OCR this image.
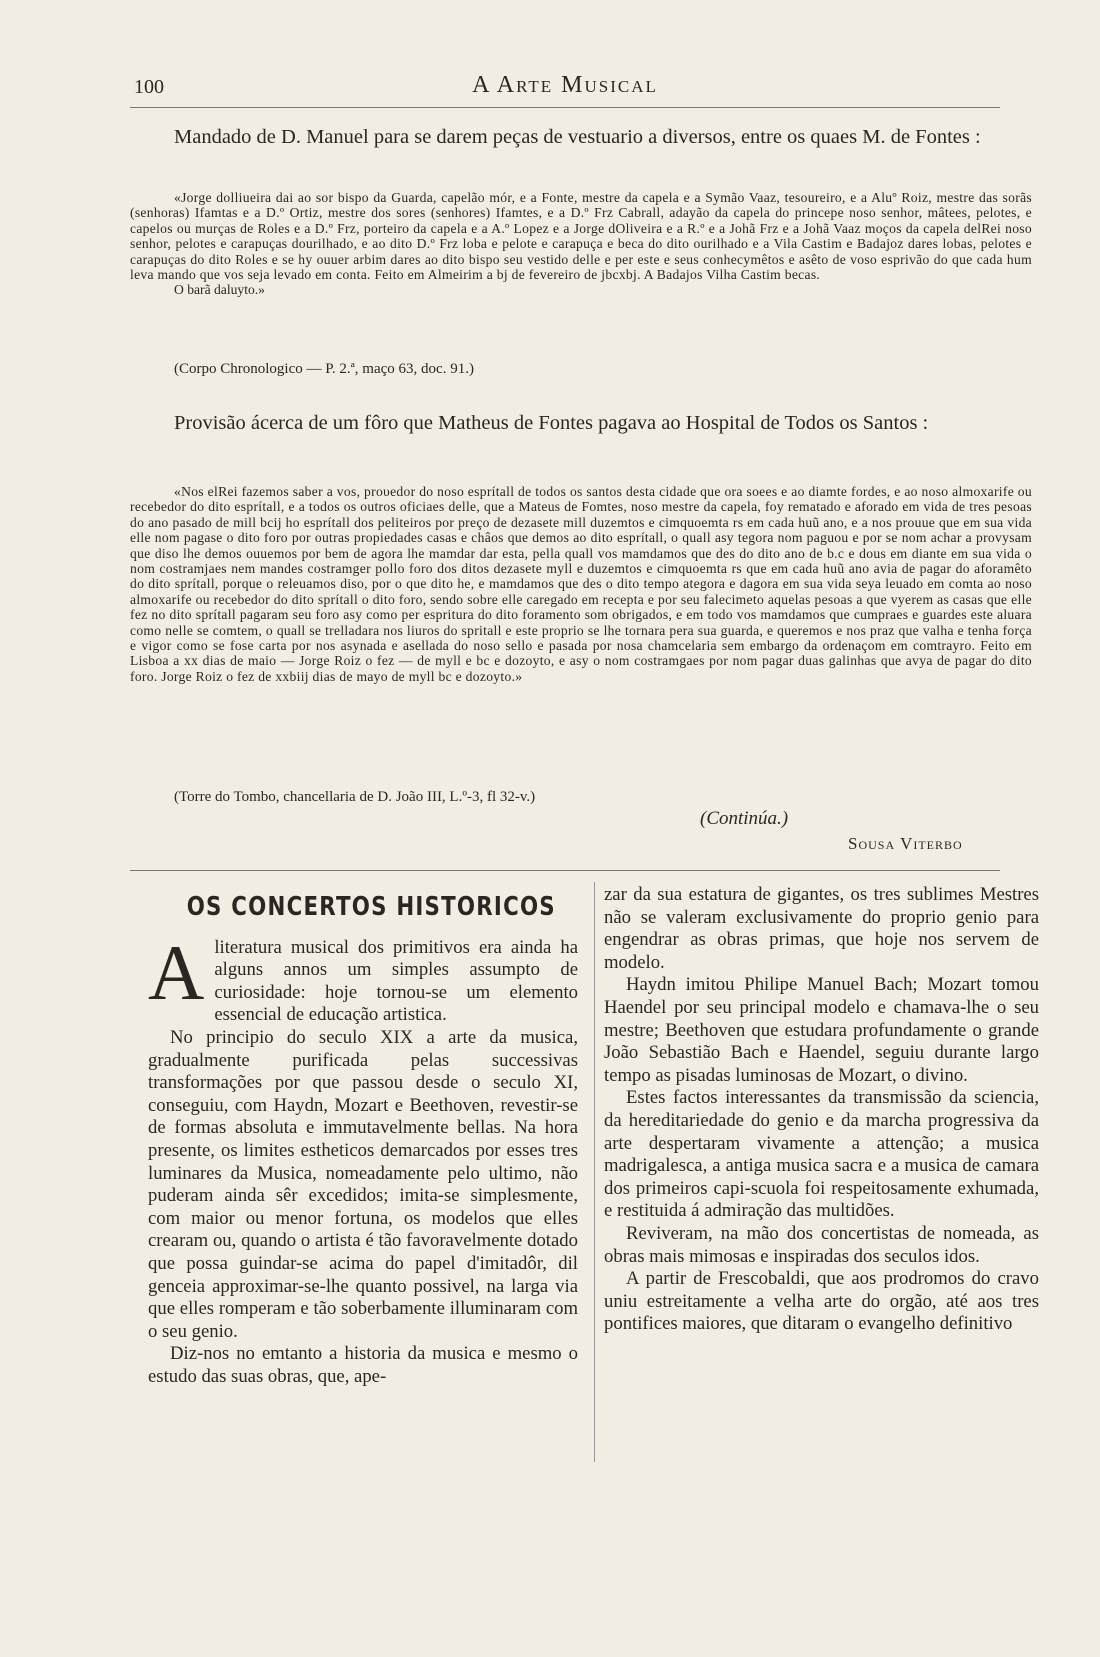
100	A Arte Musical

Mandado de D. Manuel para se darem peças de vestuario a diversos, entre os quaes M. de Fontes :

«Jorge dolliueira dai ao sor bispo da Guarda, capelão mór, e a Fonte, mestre da capela e a Symão Vaaz, tesoureiro, e a Aluº Roiz, mestre das sorãs (senhoras) Ifamtas e a D.º Ortiz, mestre dos sores (senhores) Ifamtes, e a D.º Frz Cabrall, adayão da capela do princepe noso senhor, mâtees, pelotes, e capelos ou murças de Roles e a D.º Frz, porteiro da capela e a A.º Lopez e a Jorge dOliveira e a R.º e a Johã Frz e a Johã Vaaz moços da capela delRei noso senhor, pelotes e carapuças dourilhado, e ao dito D.º Frz loba e pelote e carapuça e beca do dito ourilhado e a Vila Castim e Badajoz dares lobas, pelotes e carapuças do dito Roles e se hy ouuer arbim dares ao dito bispo seu vestido delle e per este e seus conhecymêtos e asêto de voso esprivão do que cada hum leva mando que vos seja levado em conta. Feito em Almeirim a bj de fevereiro de jbcxbj. A Badajos Vilha Castim becas.

O barã daluyto.»

(Corpo Chronologico — P. 2.ª, maço 63, doc. 91.)

Provisão ácerca de um fôro que Matheus de Fontes pagava ao Hospital de Todos os Santos :

«Nos elRei fazemos saber a vos, proυedor do noso esprítall de todos os santos desta cidade que ora soees e ao diamte fordes, e ao noso almoxarife ou recebedor do dito esprítall, e a todos os outros oficiaes delle, que a Mateus de Fomtes, noso mestre da capela, foy rematado e aforado em vida de tres pesoas do ano pasado de mill bcij ho esprítall dos peliteiros por preço de dezasete mill duzemtos e cimquoemta rs em cada huũ ano, e a nos prouue que em sua vida elle nom pagase o dito foro por outras propiedades casas e châos que demos ao dito esprítall, o quall asy tegora nom paguou e por se nom achar a provysam que diso lhe demos ouuemos por bem de agora lhe mamdar dar esta, pella quall vos mamdamos que des do dito ano de b.c e dous em diante em sua vida o nom costramjaes nem mandes costramger pollo foro dos ditos dezasete myll e duzemtos e cimquoemta rs que em cada huũ ano avia de pagar do aforamêto do dito sprítall, porque o releuamos diso, por o que dito he, e mamdamos que des o dito tempo ategora e dagora em sua vida seya leuado em comta ao noso almoxarife ou recebedor do dito sprítall o dito foro, sendo sobre elle caregado em recepta e por seu falecimeto aquelas pesoas a que vyerem as casas que elle fez no dito sprítall pagaram seu foro asy como per espritura do dito foramento som obrigados, e em todo vos mamdamos que cumpraes e guardes este aluara como nelle se comtem, o quall se trelladara nos liuros do spritall e este proprio se lhe tornara pera sua guarda, e queremos e nos praz que valha e tenha força e vigor como se fose carta por nos asynada e asellada do noso sello e pasada por nosa chamcelaria sem embargo da ordenaçom em comtrayro. Feito em Lisboa a xx dias de maio — Jorge Roiz o fez — de myll e bc e dozoyto, e asy o nom costramgaes por nom pagar duas galinhas que avya de pagar do dito foro. Jorge Roiz o fez de xxbiij dias de mayo de myll bc e dozoyto.»

(Torre do Tombo, chancellaria de D. João III, L.º-3, fl 32-v.)

(Continúa.)
Sousa Viterbo
OS CONCERTOS HISTORICOS

Aliteratura musical dos primitivos era ainda ha alguns annos um simples assumpto de curiosidade: hoje tornou-se um elemento essencial de educação artistica.

No principio do seculo XIX a arte da musica, gradualmente purificada pelas successivas transformações por que passou desde o seculo XI, conseguiu, com Haydn, Mozart e Beethoven, revestir-se de formas absoluta e immutavelmente bellas. Na hora presente, os limites estheticos demarcados por esses tres luminares da Musica, nomeadamente pelo ultimo, não puderam ainda sêr excedidos; imita-se simplesmente, com maior ou menor fortuna, os modelos que elles crearam ou, quando o artista é tão favoravelmente dotado que possa guindar-se acima do papel d'imitadôr, dil genceia approximar-se-lhe quanto possivel, na larga via que elles romperam e tão soberbamente illuminaram com o seu genio.

Diz-nos no emtanto a historia da musica e mesmo o estudo das suas obras, que, ape-

zar da sua estatura de gigantes, os tres sublimes Mestres não se valeram exclusivamente do proprio genio para engendrar as obras primas, que hoje nos servem de modelo.

Haydn imitou Philipe Manuel Bach; Mozart tomou Haendel por seu principal modelo e chamava-lhe o seu mestre; Beethoven que estudara profundamente o grande João Sebastião Bach e Haendel, seguiu durante largo tempo as pisadas luminosas de Mozart, o divino.

Estes factos interessantes da transmissão da sciencia, da hereditariedade do genio e da marcha progressiva da arte despertaram vivamente a attenção; a musica madrigalesca, a antiga musica sacra e a musica de camara dos primeiros capi-scuola foi respeitosamente exhumada, e restituida á admiração das multidões.

Reviveram, na mão dos concertistas de nomeada, as obras mais mimosas e inspiradas dos seculos idos.

A partir de Frescobaldi, que aos prodromos do cravo uniu estreitamente a velha arte do orgão, até aos tres pontifices maiores, que ditaram o evangelho definitivo
